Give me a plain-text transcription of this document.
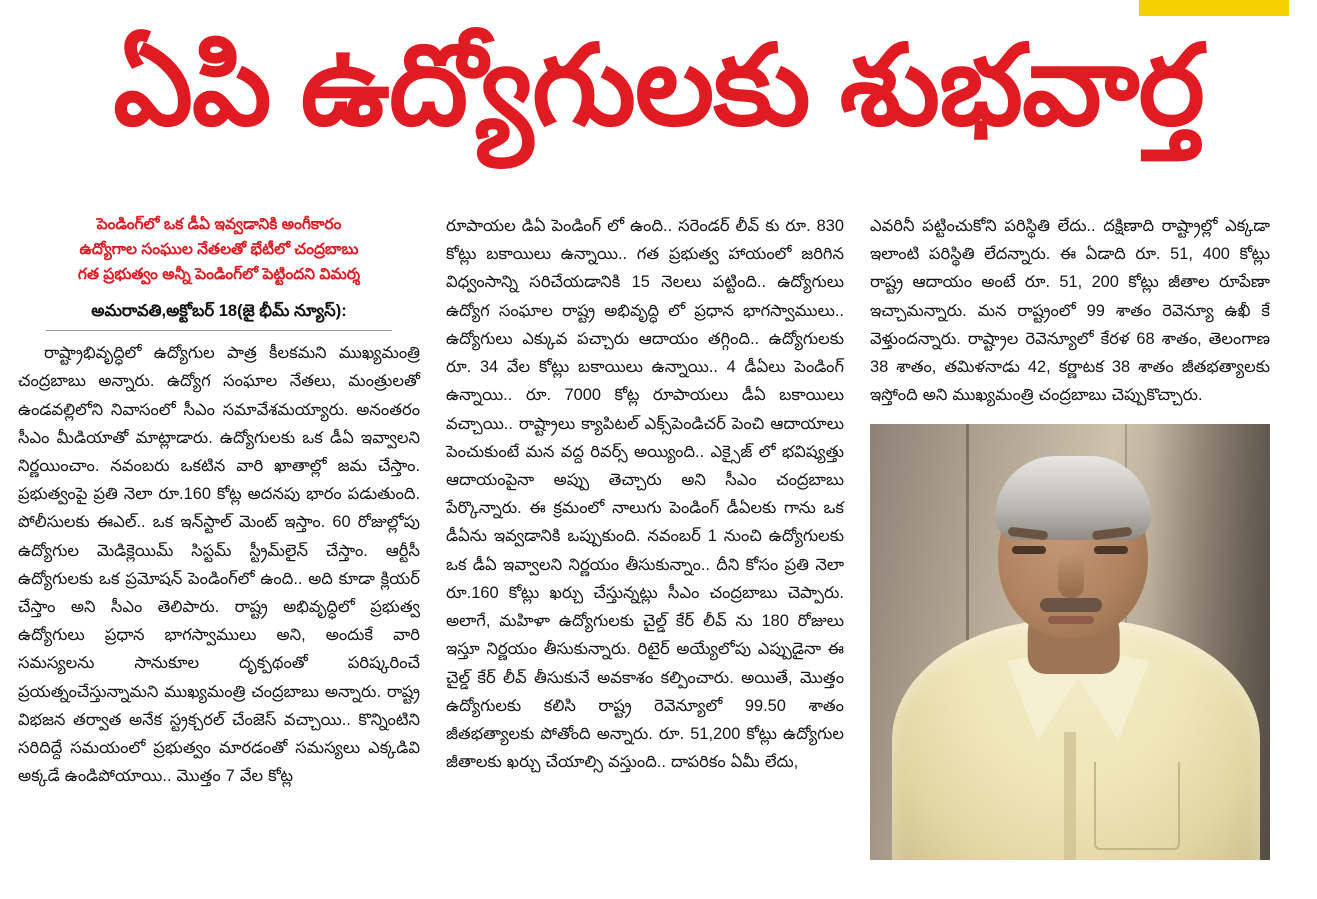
ఏపి ఉద్యోగులకు శుభవార్త
పెండింగ్‌లో ఒక డీఏ ఇవ్వడానికి అంగీకారం
ఉద్యోగాల సంఘుల నేతలతో భేటీలో చంద్రబాబు
గత ప్రభుత్వం అన్నీ పెండింగ్‌లో పెట్టిందని విమర్శ
అమరావతి,అక్టోబర్ 18(జై భీమ్ న్యూస్):

రాష్ట్రాభివృద్ధిలో ఉద్యోగుల పాత్ర కీలకమని ముఖ్యమంత్రి చంద్రబాబు అన్నారు. ఉద్యోగ సంఘాల నేతలు, మంత్రులతో ఉండవల్లిలోని నివాసంలో సీఎం సమావేశమయ్యారు. అనంతరం సీఎం మీడియాతో మాట్లాడారు. ఉద్యోగులకు ఒక డీఏ ఇవ్వాలని నిర్ణయించాం. నవంబరు ఒకటిన వారి ఖాతాల్లో జమ చేస్తాం. ప్రభుత్వంపై ప్రతి నెలా రూ.160 కోట్ల అదనపు భారం పడుతుంది. పోలీసులకు ఈఎల్.. ఒక ఇన్‌స్టాల్ మెంట్ ఇస్తాం. 60 రోజుల్లోపు ఉద్యోగుల మెడిక్లెయిమ్ సిస్టమ్ స్ట్రీమ్‌లైన్ చేస్తాం. ఆర్టీసీ ఉద్యోగులకు ఒక ప్రమోషన్ పెండింగ్‌లో ఉంది.. అది కూడా క్లియర్ చేస్తాం అని సీఎం తెలిపారు. రాష్ట్ర అభివృద్ధిలో ప్రభుత్వ ఉద్యోగులు ప్రధాన భాగస్వాములు అని, అందుకే వారి సమస్యలను సానుకూల దృక్పథంతో పరిష్కరించే ప్రయత్నంచేస్తున్నామని ముఖ్యమంత్రి చంద్రబాబు అన్నారు. రాష్ట్ర విభజన తర్వాత అనేక స్ట్రక్చరల్ చేంజెస్ వచ్చాయి.. కొన్నింటిని సరిదిద్దే సమయంలో ప్రభుత్వం మారడంతో సమస్యలు ఎక్కడివి అక్కడే ఉండిపోయాయి.. మొత్తం 7 వేల కోట్ల

రూపాయల డిఏ పెండింగ్ లో ఉంది.. సరెండర్ లీవ్ కు రూ. 830 కోట్లు బకాయిలు ఉన్నాయి.. గత ప్రభుత్వ హాయంలో జరిగిన విధ్వంసాన్ని సరిచేయడానికి 15 నెలలు పట్టింది.. ఉద్యోగులు ఉద్యోగ సంఘాల రాష్ట్ర అభివృద్ధి లో ప్రధాన భాగస్వాములు.. ఉద్యోగులు ఎక్కువ పచ్చారు ఆదాయం తగ్గింది.. ఉద్యోగులకు రూ. 34 వేల కోట్లు బకాయిలు ఉన్నాయి.. 4 డీఏలు పెండింగ్ ఉన్నాయి.. రూ. 7000 కోట్ల రూపాయలు డీఏ బకాయిలు వచ్చాయి.. రాష్ట్రాలు క్యాపిటల్ ఎక్స్‌పెండిచర్ పెంచి ఆదాయాలు పెంచుకుంటే మన వద్ద రివర్స్ అయ్యింది.. ఎక్సైజ్ లో భవిష్యత్తు ఆదాయంపైనా అప్పు తెచ్చారు అని సీఎం చంద్రబాబు పేర్కొన్నారు. ఈ క్రమంలో నాలుగు పెండింగ్ డీఏలకు గాను ఒక డీఏను ఇవ్వడానికి ఒప్పుకుంది. నవంబర్ 1 నుంచి ఉద్యోగులకు ఒక డీఏ ఇవ్వాలని నిర్ణయం తీసుకున్నాం.. దీని కోసం ప్రతి నెలా రూ.160 కోట్లు ఖర్చు చేస్తున్నట్లు సీఎం చంద్రబాబు చెప్పారు. అలాగే, మహిళా ఉద్యోగులకు చైల్డ్ కేర్ లీవ్ ను 180 రోజులు ఇస్తూ నిర్ణయం తీసుకున్నారు. రిటైర్ అయ్యేలోపు ఎప్పుడైనా ఈ చైల్డ్ కేర్ లీవ్ తీసుకునే అవకాశం కల్పించారు. అయితే, మొత్తం ఉద్యోగులకు కలిసి రాష్ట్ర రెవెన్యూలో 99.50 శాతం జీతభత్యాలకు పోతోంది అన్నారు. రూ. 51,200 కోట్లు ఉద్యోగుల జీతాలకు ఖర్చు చేయాల్సి వస్తుంది.. దాపరికం ఏమీ లేదు,

ఎవరినీ పట్టించుకోని పరిస్థితి లేదు.. దక్షిణాది రాష్ట్రాల్లో ఎక్కడా ఇలాంటి పరిస్థితి లేదన్నారు. ఈ ఏడాది రూ. 51, 400 కోట్లు రాష్ట్ర ఆదాయం అంటే రూ. 51, 200 కోట్లు జీతాల రూపేణా ఇచ్చామన్నారు. మన రాష్ట్రంలో 99 శాతం రెవెన్యూ ఉఖీ కే వెళ్తుందన్నారు. రాష్ట్రాల రెవెన్యూలో కేరళ 68 శాతం, తెలంగాణ 38 శాతం, తమిళనాడు 42, కర్ణాటక 38 శాతం జీతభత్యాలకు ఇస్తోంది అని ముఖ్యమంత్రి చంద్రబాబు చెప్పుకొచ్చారు.
